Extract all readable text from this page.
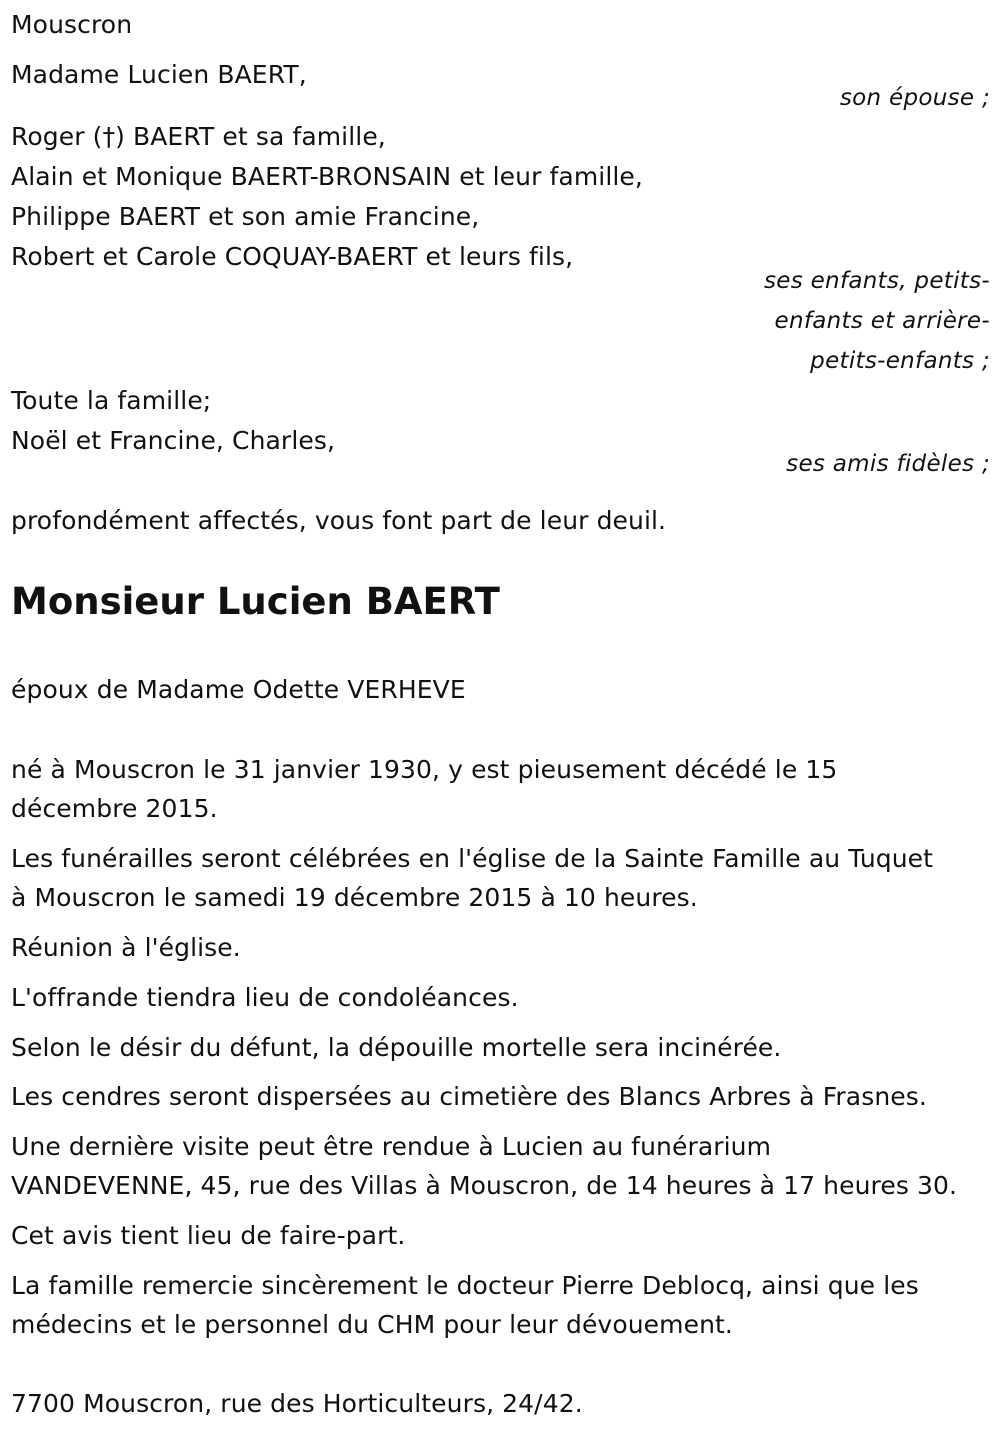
Mouscron
Madame Lucien BAERT,
son épouse ;
Roger (†) BAERT et sa famille,
Alain et Monique BAERT-BRONSAIN et leur famille,
Philippe BAERT et son amie Francine,
Robert et Carole COQUAY-BAERT et leurs fils,
ses enfants, petits-
enfants et arrière-
petits-enfants ;
Toute la famille;
Noël et Francine, Charles,
ses amis fidèles ;
profondément affectés, vous font part de leur deuil.
Monsieur Lucien BAERT
époux de Madame Odette VERHEVE
né à Mouscron le 31 janvier 1930, y est pieusement décédé le 15
décembre 2015.
Les funérailles seront célébrées en l'église de la Sainte Famille au Tuquet
à Mouscron le samedi 19 décembre 2015 à 10 heures.
Réunion à l'église.
L'offrande tiendra lieu de condoléances.
Selon le désir du défunt, la dépouille mortelle sera incinérée.
Les cendres seront dispersées au cimetière des Blancs Arbres à Frasnes.
Une dernière visite peut être rendue à Lucien au funérarium
VANDEVENNE, 45, rue des Villas à Mouscron, de 14 heures à 17 heures 30.
Cet avis tient lieu de faire-part.
La famille remercie sincèrement le docteur Pierre Deblocq, ainsi que les
médecins et le personnel du CHM pour leur dévouement.
7700 Mouscron, rue des Horticulteurs, 24/42.
